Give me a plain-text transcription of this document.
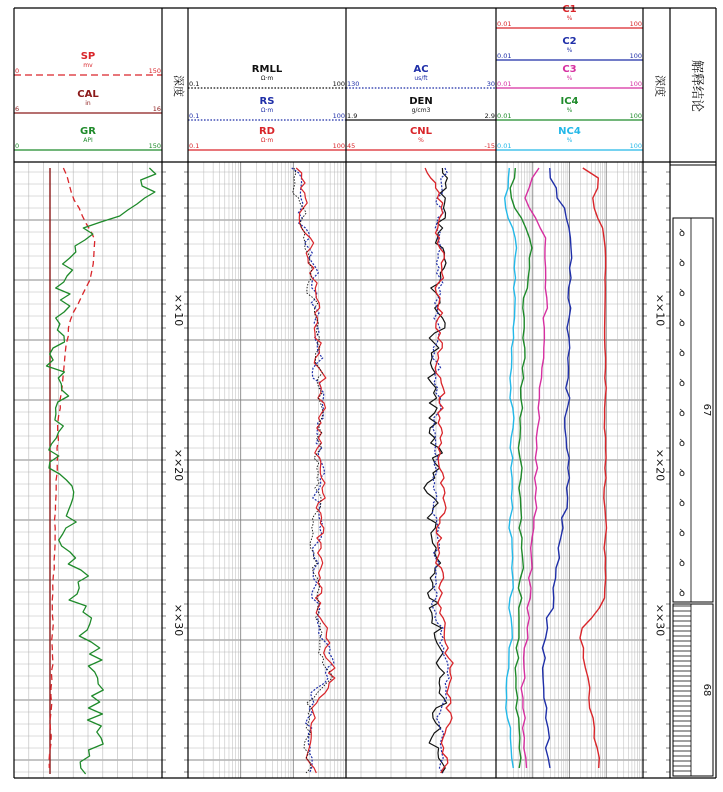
SP
mv
0	150
CAL
in
6	16
GR
API
0	150
RMLL
Ω·m
0.1	100
RS
Ω·m
0.1	100
RD
Ω·m
0.1	100
AC
us/ft
130	30
DEN
g/cm3
1.9	2.9
CNL
%
45	-15
C1
%
0.01	100
C2
%
0.01	100
C3
%
0.01	100
IC4
%
0.01	100
NC4
%
0.01	100
深度
××10
××20
××30
深度
××10
××20
××30
解释结论
ꝺ
ꝺ
ꝺ
ꝺ
ꝺ
ꝺ
ꝺ
ꝺ
ꝺ
ꝺ
ꝺ
ꝺ
ꝺ
67
68
